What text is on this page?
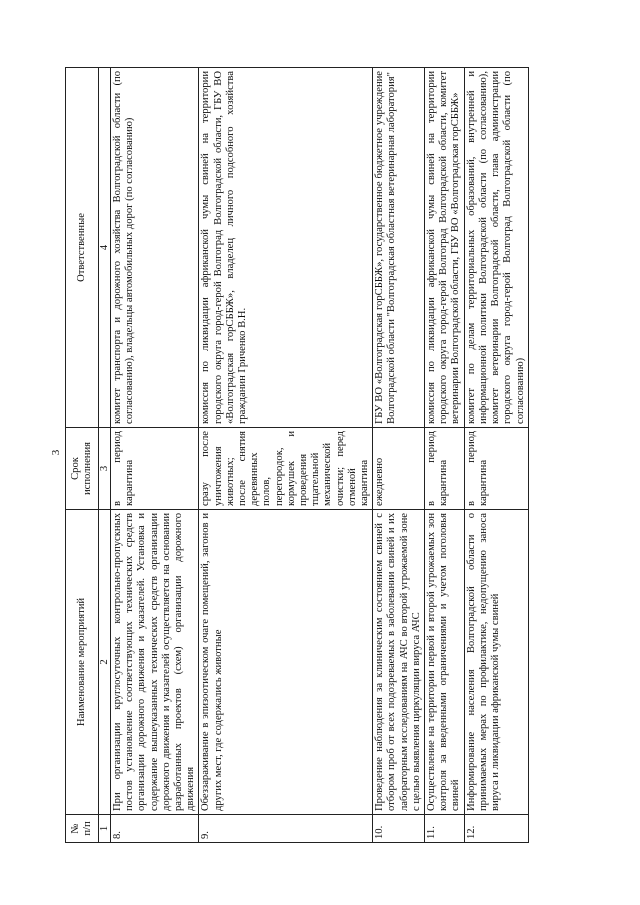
3
№ п/п	Наименование мероприятий	Срок исполнения	Ответственные
1	2	3	4
8.	При организации круглосуточных контрольно-пропускных постов установление соответствующих технических средств организации дорожного движения и указателей. Установка и содержание вышеуказанных технических средств организации дорожного движения и указателей осуществляется на основании разработанных проектов (схем) организации дорожного движения	в период карантина	комитет транспорта и дорожного хозяйства Волгоградской области (по согласованию), владельцы автомобильных дорог (по согласованию)
9.	Обеззараживание в эпизоотическом очаге помещений, загонов и других мест, где содержались животные	сразу после уничтожения животных; после снятия деревянных полов, перегородок, кормушек и проведения тщательной механической очистки; перед отменой карантина	комиссия по ликвидации африканской чумы свиней на территории городского округа город-герой Волгоград Волгоградской области, ГБУ ВО «Волгоградская горСББЖ», владелец личного подсобного хозяйства гражданин Гриченко В.Н.
10.	Проведение наблюдения за клиническим состоянием свиней с отбором проб от всех подозреваемых в заболевании свиней и их лабораторным исследованиям на АЧС во второй угрожаемой зоне с целью выявления циркуляции вируса АЧС	ежедневно	ГБУ ВО «Волгоградская горСББЖ», государственное бюджетное учреждение Волгоградской области "Волгоградская областная ветеринарная лаборатория"
11.	Осуществление на территории первой и второй угрожаемых зон контроля за введенными ограничениями и учетом поголовья свиней	в период карантина	комиссия по ликвидации африканской чумы свиней на территории городского округа город-герой Волгоград Волгоградской области, комитет ветеринарии Волгоградской области, ГБУ ВО «Волгоградская горСББЖ»
12.	Информирование населения Волгоградской области о принимаемых мерах по профилактике, недопущению заноса вируса и ликвидации африканской чумы свиней	в период карантина	комитет по делам территориальных образований, внутренней и информационной политики Волгоградской области (по согласованию), комитет ветеринарии Волгоградской области, глава администрации городского округа город-герой Волгоград Волгоградской области (по согласованию)
